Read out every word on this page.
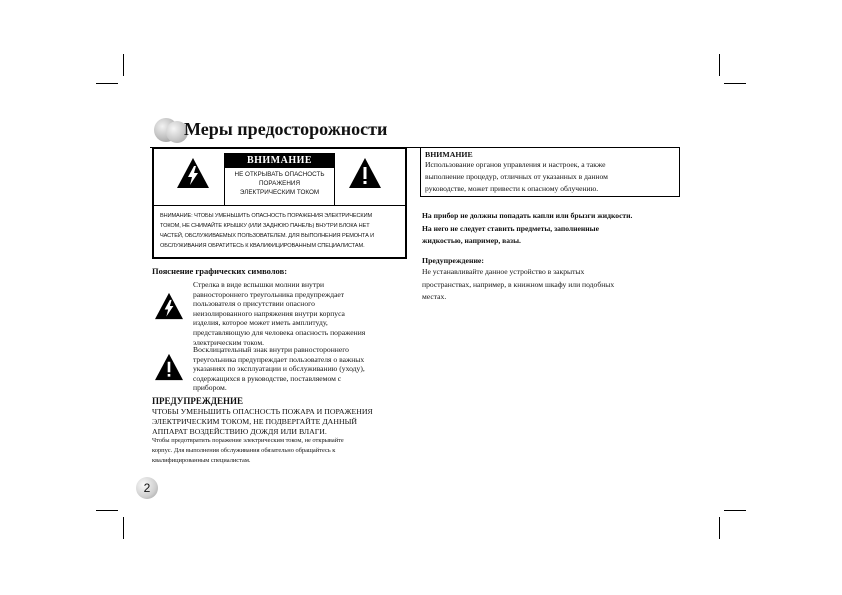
Меры предосторожности
ВНИМАНИЕ
НЕ ОТКРЫВАТЬ ОПАСНОСТЬ
ПОРАЖЕНИЯ
ЭЛЕКТРИЧЕСКИМ ТОКОМ
ВНИМАНИЕ: ЧТОБЫ УМЕНЬШИТЬ ОПАСНОСТЬ ПОРАЖЕНИЯ ЭЛЕКТРИЧЕСКИМ
ТОКОМ, НЕ СНИМАЙТЕ КРЫШКУ (ИЛИ ЗАДНЮЮ ПАНЕЛЬ) ВНУТРИ БЛОКА НЕТ
ЧАСТЕЙ, ОБСЛУЖИВАЕМЫХ ПОЛЬЗОВАТЕЛЕМ. ДЛЯ ВЫПОЛНЕНИЯ РЕМОНТА И
ОБСЛУЖИВАНИЯ ОБРАТИТЕСЬ К КВАЛИФИЦИРОВАННЫМ СПЕЦИАЛИСТАМ.
Пояснение графических символов:
Стрелка в виде вспышки молнии внутри
равностороннего треугольника предупреждает
пользователя о присутствии опасного
неизолированного напряжения внутри корпуса
изделия, которое может иметь амплитуду,
представляющую для человека опасность поражения
электрическим током.
Восклицательный знак внутри равностороннего
треугольника предупреждает пользователя о важных
указаниях по эксплуатации и обслуживанию (уходу),
содержащихся в руководстве, поставляемом с
прибором.
ПРЕДУПРЕЖДЕНИЕ
ЧТОБЫ УМЕНЬШИТЬ ОПАСНОСТЬ ПОЖАРА И ПОРАЖЕНИЯ
ЭЛЕКТРИЧЕСКИМ ТОКОМ, НЕ ПОДВЕРГАЙТЕ ДАННЫЙ
АППАРАТ ВОЗДЕЙСТВИЮ ДОЖДЯ ИЛИ ВЛАГИ.
Чтобы предотвратить поражение электрическим током, не открывайте
корпус. Для выполнения обслуживания обязательно обращайтесь к
квалифицированным специалистам.
ВНИМАНИЕ
Использование органов управления и настроек, а также
выполнение процедур, отличных от указанных в данном
руководстве, может привести к опасному облучению.
На прибор не должны попадать капли или брызги жидкости.
На него не следует ставить предметы, заполненные
жидкостью, например, вазы.
Предупреждение:
Не устанавливайте данное устройство в закрытых
пространствах, например, в книжном шкафу или подобных
местах.
2
